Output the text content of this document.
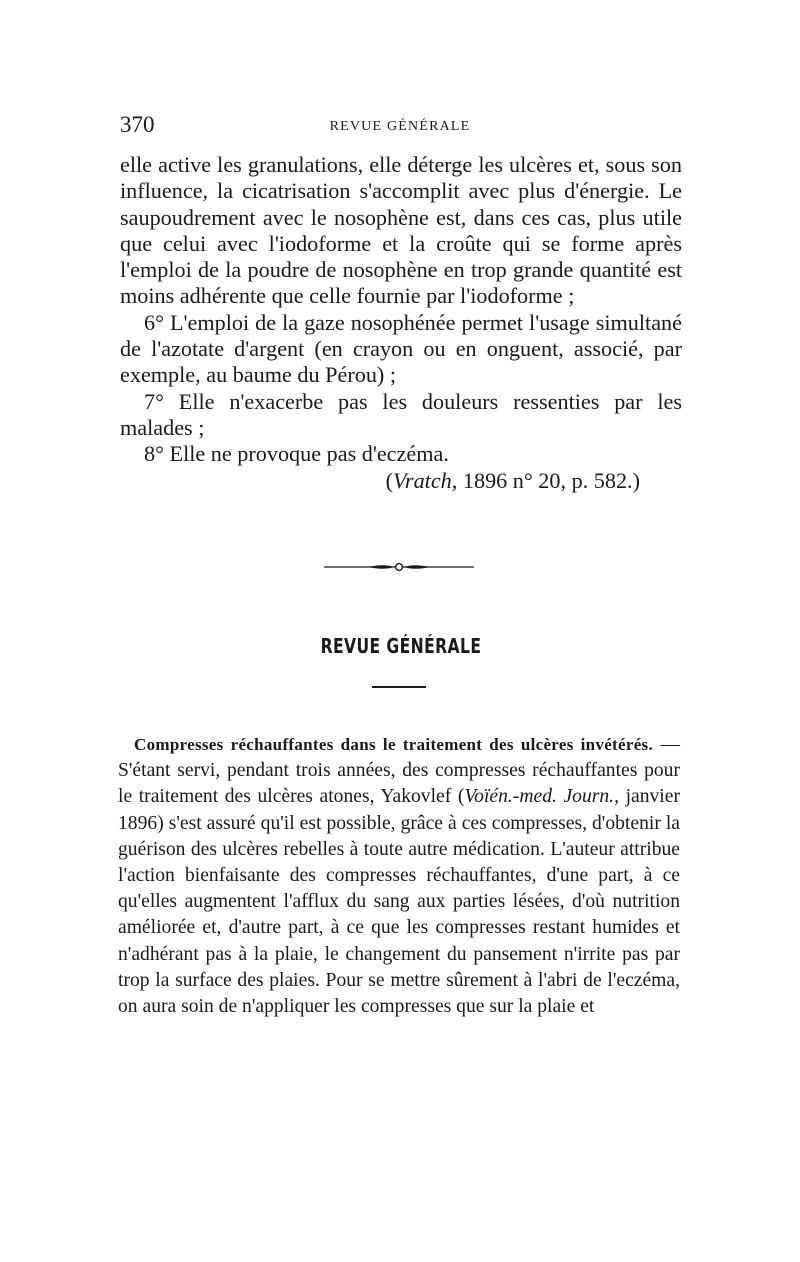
370	REVUE GÉNÉRALE

elle active les granulations, elle déterge les ulcères et, sous son influence, la cicatrisation s'accomplit avec plus d'énergie. Le saupoudrement avec le nosophène est, dans ces cas, plus utile que celui avec l'iodoforme et la croûte qui se forme après l'emploi de la poudre de nosophène en trop grande quantité est moins adhérente que celle fournie par l'iodoforme ;

6° L'emploi de la gaze nosophénée permet l'usage simultané de l'azotate d'argent (en crayon ou en onguent, associé, par exemple, au baume du Pérou) ;

7° Elle n'exacerbe pas les douleurs ressenties par les malades ;

8° Elle ne provoque pas d'eczéma.

(Vratch, 1896 n° 20, p. 582.)

REVUE GÉNÉRALE

Compresses réchauffantes dans le traitement des ulcères invétérés. — S'étant servi, pendant trois années, des compresses réchauffantes pour le traitement des ulcères atones, Yakovlef (Voïén.-med. Journ., janvier 1896) s'est assuré qu'il est possible, grâce à ces compresses, d'obtenir la guérison des ulcères rebelles à toute autre médication. L'auteur attribue l'action bienfaisante des compresses réchauffantes, d'une part, à ce qu'elles augmentent l'afflux du sang aux parties lésées, d'où nutrition améliorée et, d'autre part, à ce que les compresses restant humides et n'adhérant pas à la plaie, le changement du pansement n'irrite pas par trop la surface des plaies. Pour se mettre sûrement à l'abri de l'eczéma, on aura soin de n'appliquer les compresses que sur la plaie et
